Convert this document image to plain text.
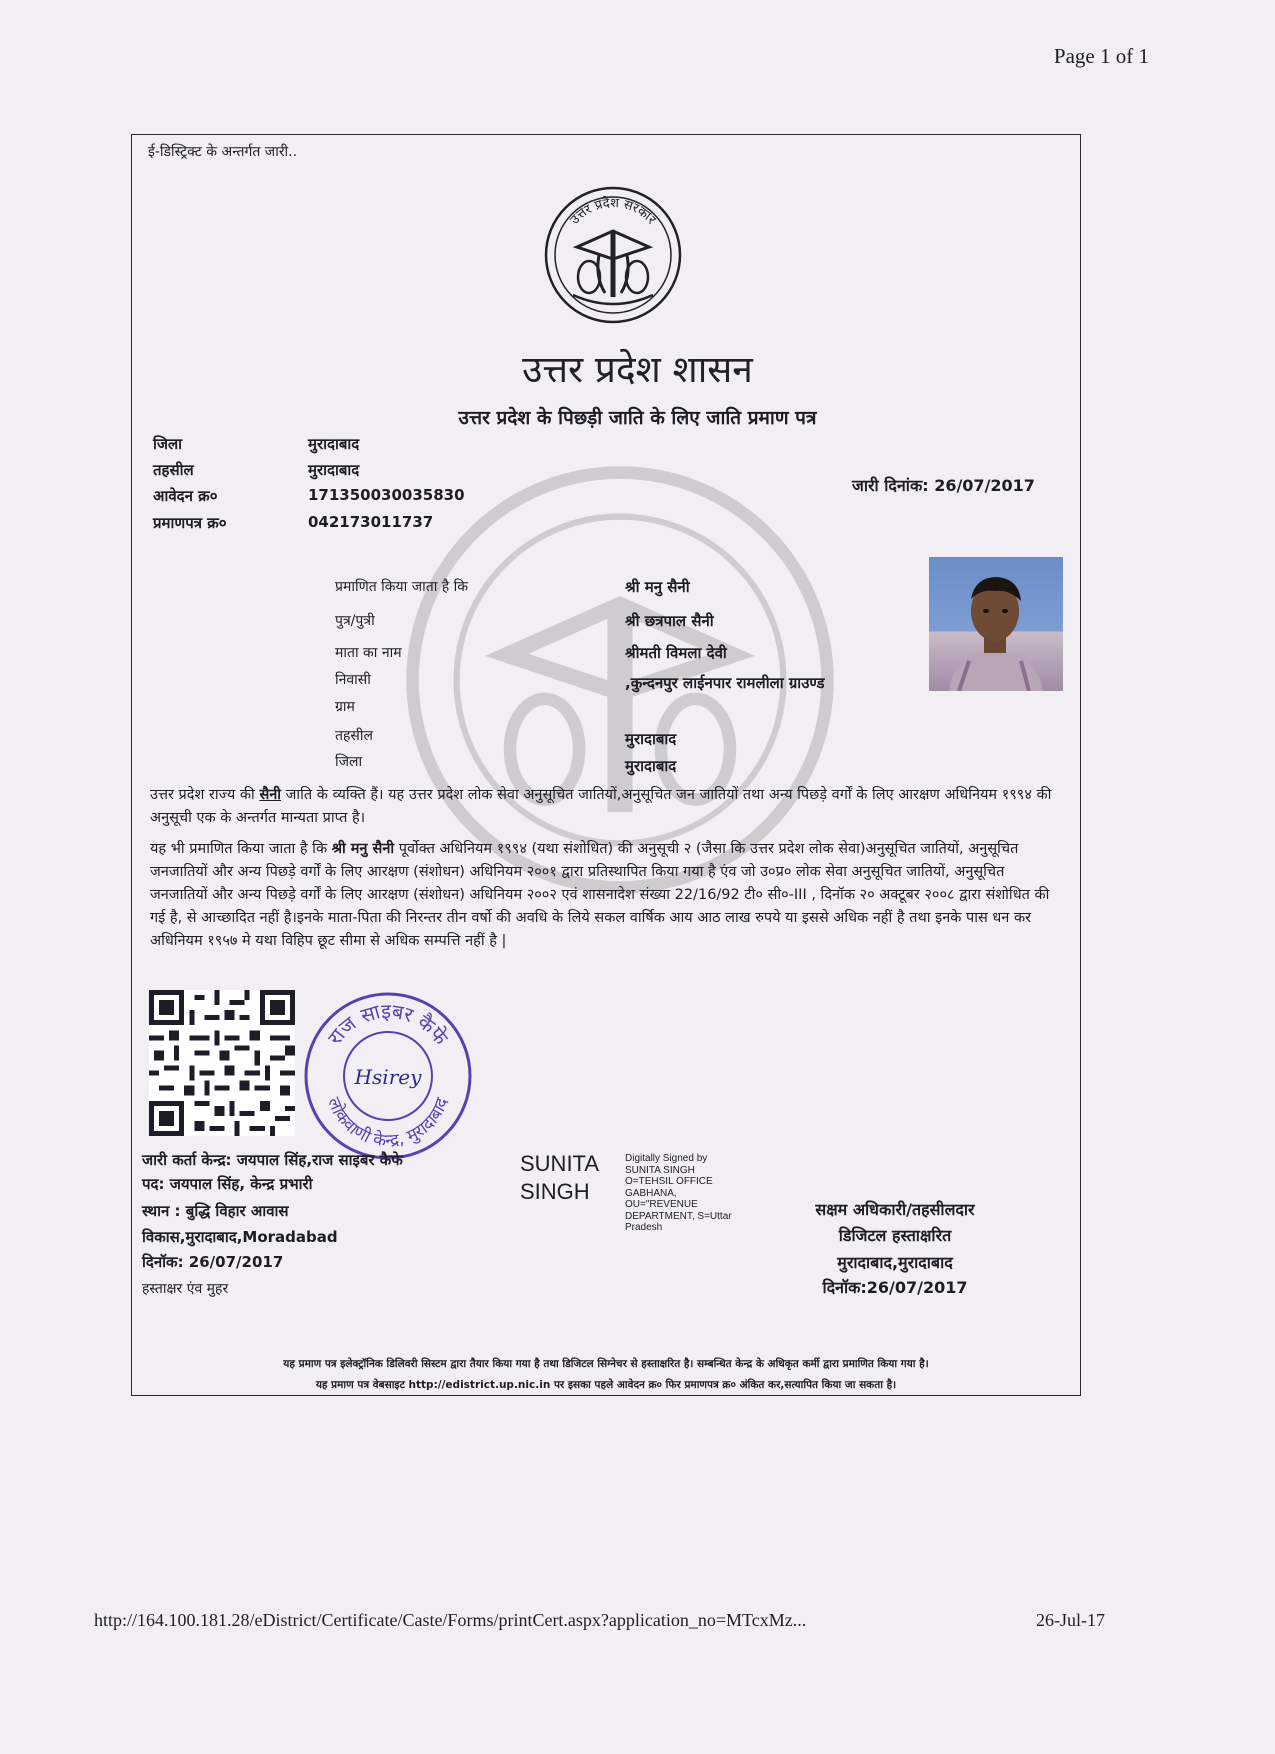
Page 1 of 1
ई-डिस्ट्रिक्ट के अन्तर्गत जारी..
उत्तर प्रदेश सरकार
उत्तर प्रदेश शासन
उत्तर प्रदेश के पिछड़ी जाति के लिए जाति प्रमाण पत्र
जिला	मुरादाबाद
तहसील	मुरादाबाद
आवेदन क्र०	171350030035830
प्रमाणपत्र क्र०	042173011737
जारी दिनांक: 26/07/2017
प्रमाणित किया जाता है कि	श्री मनु सैनी
पुत्र/पुत्री	श्री छत्रपाल सैनी
माता का नाम	श्रीमती विमला देवी
निवासी	,कुन्दनपुर लाईनपार रामलीला ग्राउण्ड
ग्राम
तहसील	मुरादाबाद
जिला	मुरादाबाद
उत्तर प्रदेश राज्य की सैनी जाति के व्यक्ति हैं। यह उत्तर प्रदेश लोक सेवा अनुसूचित जातियों,अनुसूचित जन जातियों तथा अन्य पिछड़े वर्गों के लिए आरक्षण अधिनियम १९९४ की अनुसूची एक के अन्तर्गत मान्यता प्राप्त है।
यह भी प्रमाणित किया जाता है कि श्री मनु सैनी पूर्वोक्त अधिनियम १९९४ (यथा संशोधित) की अनुसूची २ (जैसा कि उत्तर प्रदेश लोक सेवा)अनुसूचित जातियों, अनुसूचित जनजातियों और अन्य पिछड़े वर्गों के लिए आरक्षण (संशोधन) अधिनियम २००१ द्वारा प्रतिस्थापित किया गया है एंव जो उ०प्र० लोक सेवा अनुसूचित जातियों, अनुसूचित जनजातियों और अन्य पिछड़े वर्गों के लिए आरक्षण (संशोधन) अधिनियम २००२ एवं शासनादेश संख्या 22/16/92 टी० सी०-III , दिनॉक २० अक्टूबर २००८ द्वारा संशोधित की गई है, से आच्छादित नहीं है।इनके माता-पिता की निरन्तर तीन वर्षो की अवधि के लिये सकल वार्षिक आय आठ लाख रुपये या इससे अधिक नहीं है तथा इनके पास धन कर अधिनियम १९५७ मे यथा विहिप छूट सीमा से अधिक सम्पत्ति नहीं है |
राज साइबर कैफे
लोकवाणी केन्द्र, मुरादाबाद
Hsirey
जारी कर्ता केन्द्र: जयपाल सिंह,राज साइबर कैफे
पद: जयपाल सिंह, केन्द्र प्रभारी
स्थान : बुद्धि विहार आवास
विकास,मुरादाबाद,Moradabad
दिनॉक: 26/07/2017
हस्ताक्षर एंव मुहर
SUNITA
SINGH
Digitally Signed by
SUNITA SINGH
O=TEHSIL OFFICE
GABHANA,
OU="REVENUE
DEPARTMENT, S=Uttar
Pradesh
सक्षम अधिकारी/तहसीलदार
डिजिटल हस्ताक्षरित
मुरादाबाद,मुरादाबाद
दिनॉक:26/07/2017
यह प्रमाण पत्र इलेक्ट्रॉनिक डिलिवरी सिस्टम द्वारा तैयार किया गया है तथा डिजिटल सिग्नेचर से हस्ताक्षरित है। सम्बन्धित केन्द्र के अधिकृत कर्मी द्वारा प्रमाणित किया गया है।
यह प्रमाण पत्र वेबसाइट http://edistrict.up.nic.in पर इसका पहले आवेदन क्र० फिर प्रमाणपत्र क्र० अंकित कर,सत्यापित किया जा सकता है।
http://164.100.181.28/eDistrict/Certificate/Caste/Forms/printCert.aspx?application_no=MTcxMz...	26-Jul-17
